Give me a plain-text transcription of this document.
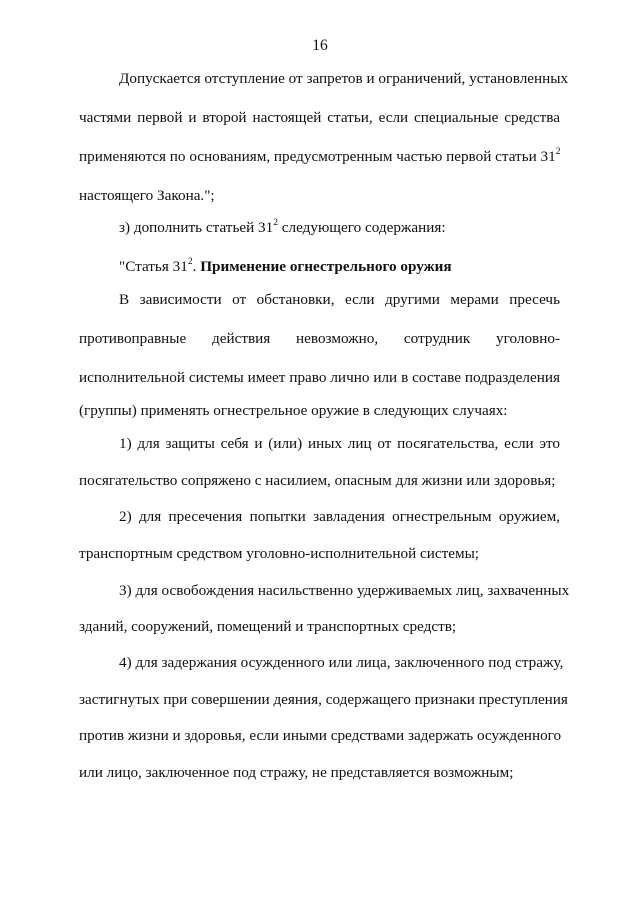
16
Допускается отступление от запретов и ограничений, установленных
частями первой и второй настоящей статьи, если специальные средства
применяются по основаниям, предусмотренным частью первой статьи $31^2$
настоящего Закона.";
з) дополнить статьей $31^2$ следующего содержания:
"Статья $31^2$. Применение огнестрельного оружия
В зависимости от обстановки, если другими мерами пресечь
противоправные действия невозможно, сотрудник уголовно-
исполнительной системы имеет право лично или в составе подразделения
(группы) применять огнестрельное оружие в следующих случаях:
1) для защиты себя и (или) иных лиц от посягательства, если это
посягательство сопряжено с насилием, опасным для жизни или здоровья;
2) для пресечения попытки завладения огнестрельным оружием,
транспортным средством уголовно-исполнительной системы;
3) для освобождения насильственно удерживаемых лиц, захваченных
зданий, сооружений, помещений и транспортных средств;
4) для задержания осужденного или лица, заключенного под стражу,
застигнутых при совершении деяния, содержащего признаки преступления
против жизни и здоровья, если иными средствами задержать осужденного
или лицо, заключенное под стражу, не представляется возможным;
